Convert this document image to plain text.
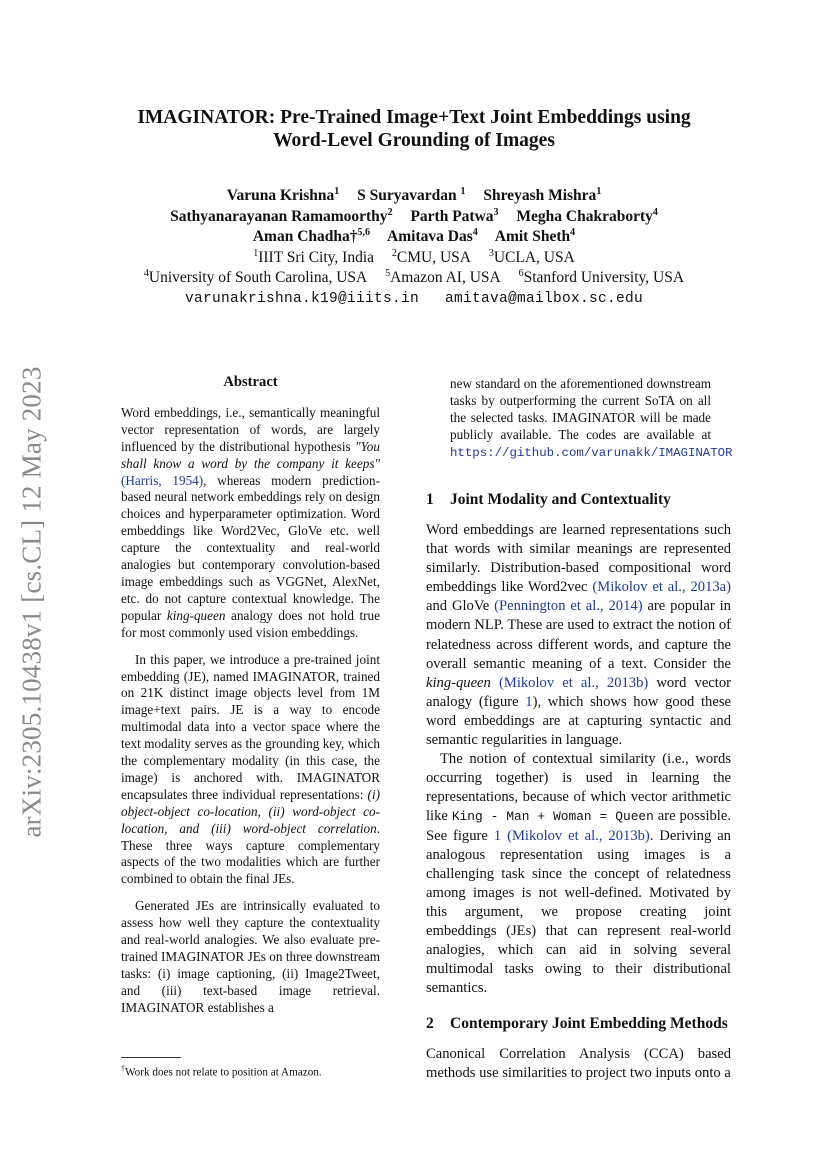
arXiv:2305.10438v1 [cs.CL] 12 May 2023
IMAGINATOR: Pre-Trained Image+Text Joint Embeddings using
Word-Level Grounding of Images
Varuna Krishna$^1$ S Suryavardan $^1$ Shreyash Mishra$^1$
Sathyanarayanan Ramamoorthy$^2$ Parth Patwa$^3$ Megha Chakraborty$^4$
Aman Chadha†$^{5,6}$ Amitava Das$^4$ Amit Sheth$^4$
$^1$IIIT Sri City, India $^2$CMU, USA $^3$UCLA, USA
$^4$University of South Carolina, USA $^5$Amazon AI, USA $^6$Stanford University, USA
varunakrishna.k19@iiits.in amitava@mailbox.sc.edu
Abstract

Word embeddings, i.e., semantically meaningful vector representation of words, are largely influenced by the distributional hypothesis "You shall know a word by the company it keeps" (Harris, 1954), whereas modern prediction-based neural network embeddings rely on design choices and hyperparameter optimization. Word embeddings like Word2Vec, GloVe etc. well capture the contextuality and real-world analogies but contemporary convolution-based image embeddings such as VGGNet, AlexNet, etc. do not capture contextual knowledge. The popular king-queen analogy does not hold true for most commonly used vision embeddings.

In this paper, we introduce a pre-trained joint embedding (JE), named IMAGINATOR, trained on 21K distinct image objects level from 1M image+text pairs. JE is a way to encode multimodal data into a vector space where the text modality serves as the grounding key, which the complementary modality (in this case, the image) is anchored with. IMAGINATOR encapsulates three individual representations: (i) object-object co-location, (ii) word-object co-location, and (iii) word-object correlation. These three ways capture complementary aspects of the two modalities which are further combined to obtain the final JEs.

Generated JEs are intrinsically evaluated to assess how well they capture the contextuality and real-world analogies. We also evaluate pre-trained IMAGINATOR JEs on three downstream tasks: (i) image captioning, (ii) Image2Tweet, and (iii) text-based image retrieval. IMAGINATOR establishes a

new standard on the aforementioned downstream tasks by outperforming the current SoTA on all the selected tasks. IMAGINATOR will be made publicly available. The codes are available at https://github.com/varunakk/IMAGINATOR

1	Joint Modality and Contextuality

Word embeddings are learned representations such that words with similar meanings are represented similarly. Distribution-based compositional word embeddings like Word2vec (Mikolov et al., 2013a) and GloVe (Pennington et al., 2014) are popular in modern NLP. These are used to extract the notion of relatedness across different words, and capture the overall semantic meaning of a text. Consider the king-queen (Mikolov et al., 2013b) word vector analogy (figure 1), which shows how good these word embeddings are at capturing syntactic and semantic regularities in language.

The notion of contextual similarity (i.e., words occurring together) is used in learning the representations, because of which vector arithmetic like King - Man + Woman = Queen are possible. See figure 1 (Mikolov et al., 2013b). Deriving an analogous representation using images is a challenging task since the concept of relatedness among images is not well-defined. Motivated by this argument, we propose creating joint embeddings (JEs) that can represent real-world analogies, which can aid in solving several multimodal tasks owing to their distributional semantics.

2	Contemporary Joint Embedding Methods

Canonical Correlation Analysis (CCA) based methods use similarities to project two inputs onto a

†Work does not relate to position at Amazon.
